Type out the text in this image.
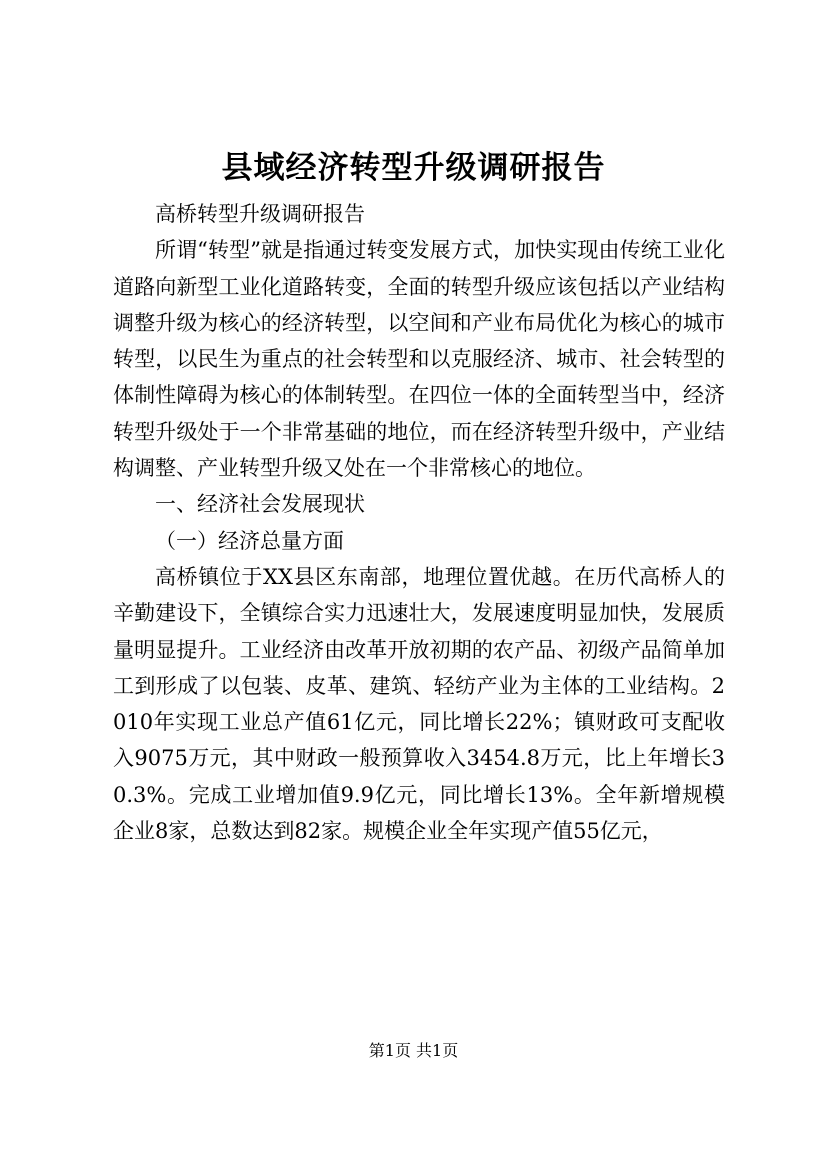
县域经济转型升级调研报告

高桥转型升级调研报告

所谓“转型”就是指通过转变发展方式，加快实现由传统工业化道路向新型工业化道路转变，全面的转型升级应该包括以产业结构调整升级为核心的经济转型，以空间和产业布局优化为核心的城市转型，以民生为重点的社会转型和以克服经济、城市、社会转型的体制性障碍为核心的体制转型。在四位一体的全面转型当中，经济转型升级处于一个非常基础的地位，而在经济转型升级中，产业结构调整、产业转型升级又处在一个非常核心的地位。

一、经济社会发展现状

（一）经济总量方面

高桥镇位于XX县区东南部，地理位置优越。在历代高桥人的辛勤建设下，全镇综合实力迅速壮大，发展速度明显加快，发展质量明显提升。工业经济由改革开放初期的农产品、初级产品简单加工到形成了以包装、皮革、建筑、轻纺产业为主体的工业结构。2010年实现工业总产值61亿元，同比增长22%；镇财政可支配收入9075万元，其中财政一般预算收入3454.8万元，比上年增长30.3%。完成工业增加值9.9亿元，同比增长13%。全年新增规模企业8家，总数达到82家。规模企业全年实现产值55亿元，

第1页 共1页
